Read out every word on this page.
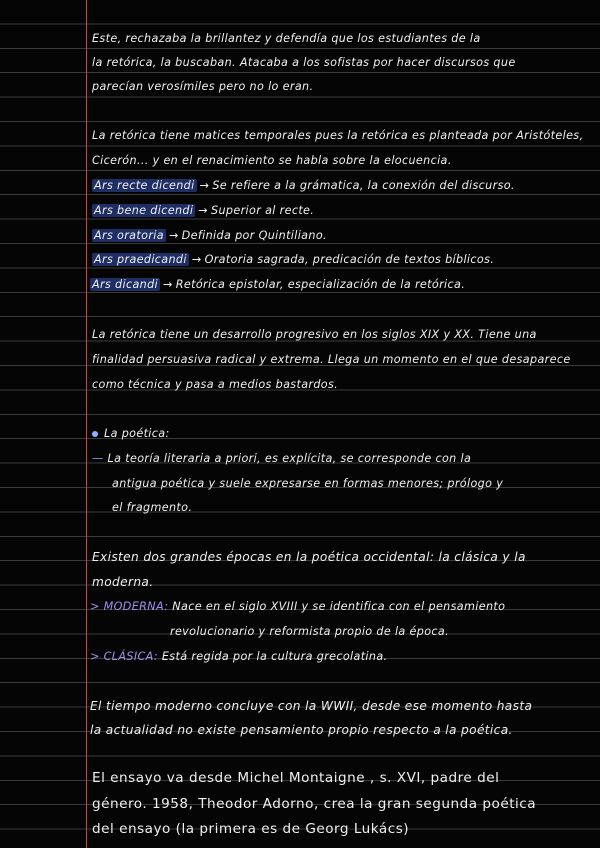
Este, rechazaba la brillantez y defendía que los estudiantes de la
la retórica, la buscaban. Atacaba a los sofistas por hacer discursos que
parecían verosímiles pero no lo eran.
La retórica tiene matices temporales pues la retórica es planteada por Aristóteles,
Cicerón... y en el renacimiento se habla sobre la elocuencia.
Ars recte dicendi → Se refiere a la grámatica, la conexión del discurso.
Ars bene dicendi → Superior al recte.
Ars oratoria → Definida por Quintiliano.
Ars praedicandi → Oratoria sagrada, predicación de textos bíblicos.
Ars dicandi → Retórica epistolar, especialización de la retórica.
La retórica tiene un desarrollo progresivo en los siglos XIX y XX. Tiene una
finalidad persuasiva radical y extrema. Llega un momento en el que desaparece
como técnica y pasa a medios bastardos.
La poética:
— La teoría literaria a priori, es explícita, se corresponde con la
antigua poética y suele expresarse en formas menores; prólogo y
el fragmento.
Existen dos grandes épocas en la poética occidental: la clásica y la
moderna.
> MODERNA: Nace en el siglo XVIII y se identifica con el pensamiento
revolucionario y reformista propio de la época.
> CLÁSICA: Está regida por la cultura grecolatina.
El tiempo moderno concluye con la WWII, desde ese momento hasta
la actualidad no existe pensamiento propio respecto a la poética.
El ensayo va desde Michel Montaigne , s. XVI, padre del
género. 1958, Theodor Adorno, crea la gran segunda poética
del ensayo (la primera es de Georg Lukács)
